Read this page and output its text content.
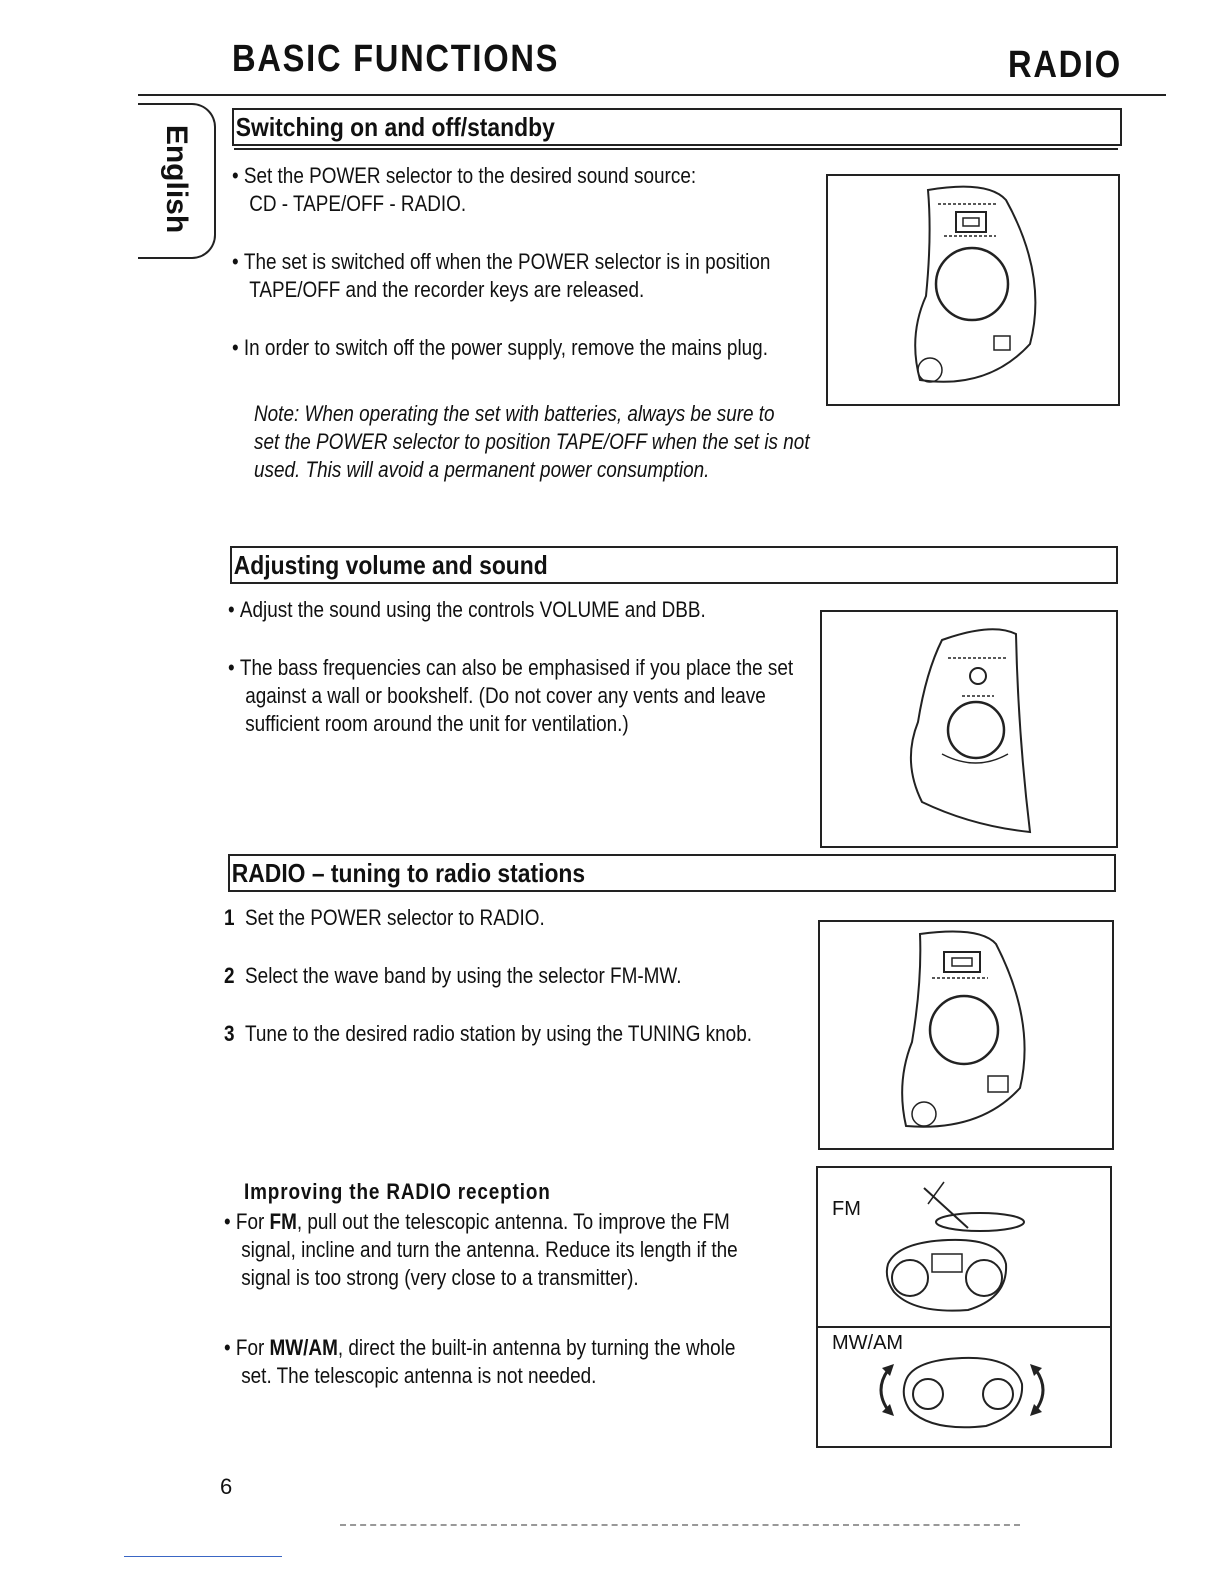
BASIC FUNCTIONS	RADIO
English Switching on and off/standby
• Set the POWER selector to the desired sound source:
CD - TAPE/OFF - RADIO.
• The set is switched off when the POWER selector is in position
TAPE/OFF and the recorder keys are released.
• In order to switch off the power supply, remove the mains plug.
Note: When operating the set with batteries, always be sure to
set the POWER selector to position TAPE/OFF when the set is not
used. This will avoid a permanent power consumption.
Adjusting volume and sound
• Adjust the sound using the controls VOLUME and DBB.
• The bass frequencies can also be emphasised if you place the set
against a wall or bookshelf. (Do not cover any vents and leave
sufficient room around the unit for ventilation.)
RADIO – tuning to radio stations
1 Set the POWER selector to RADIO.
2 Select the wave band by using the selector FM-MW.
3 Tune to the desired radio station by using the TUNING knob.
Improving the RADIO reception
• For FM, pull out the telescopic antenna. To improve the FM
signal, incline and turn the antenna. Reduce its length if the
signal is too strong (very close to a transmitter).
• For MW/AM, direct the built-in antenna by turning the whole
set. The telescopic antenna is not needed.
FM
MW/AM
6
